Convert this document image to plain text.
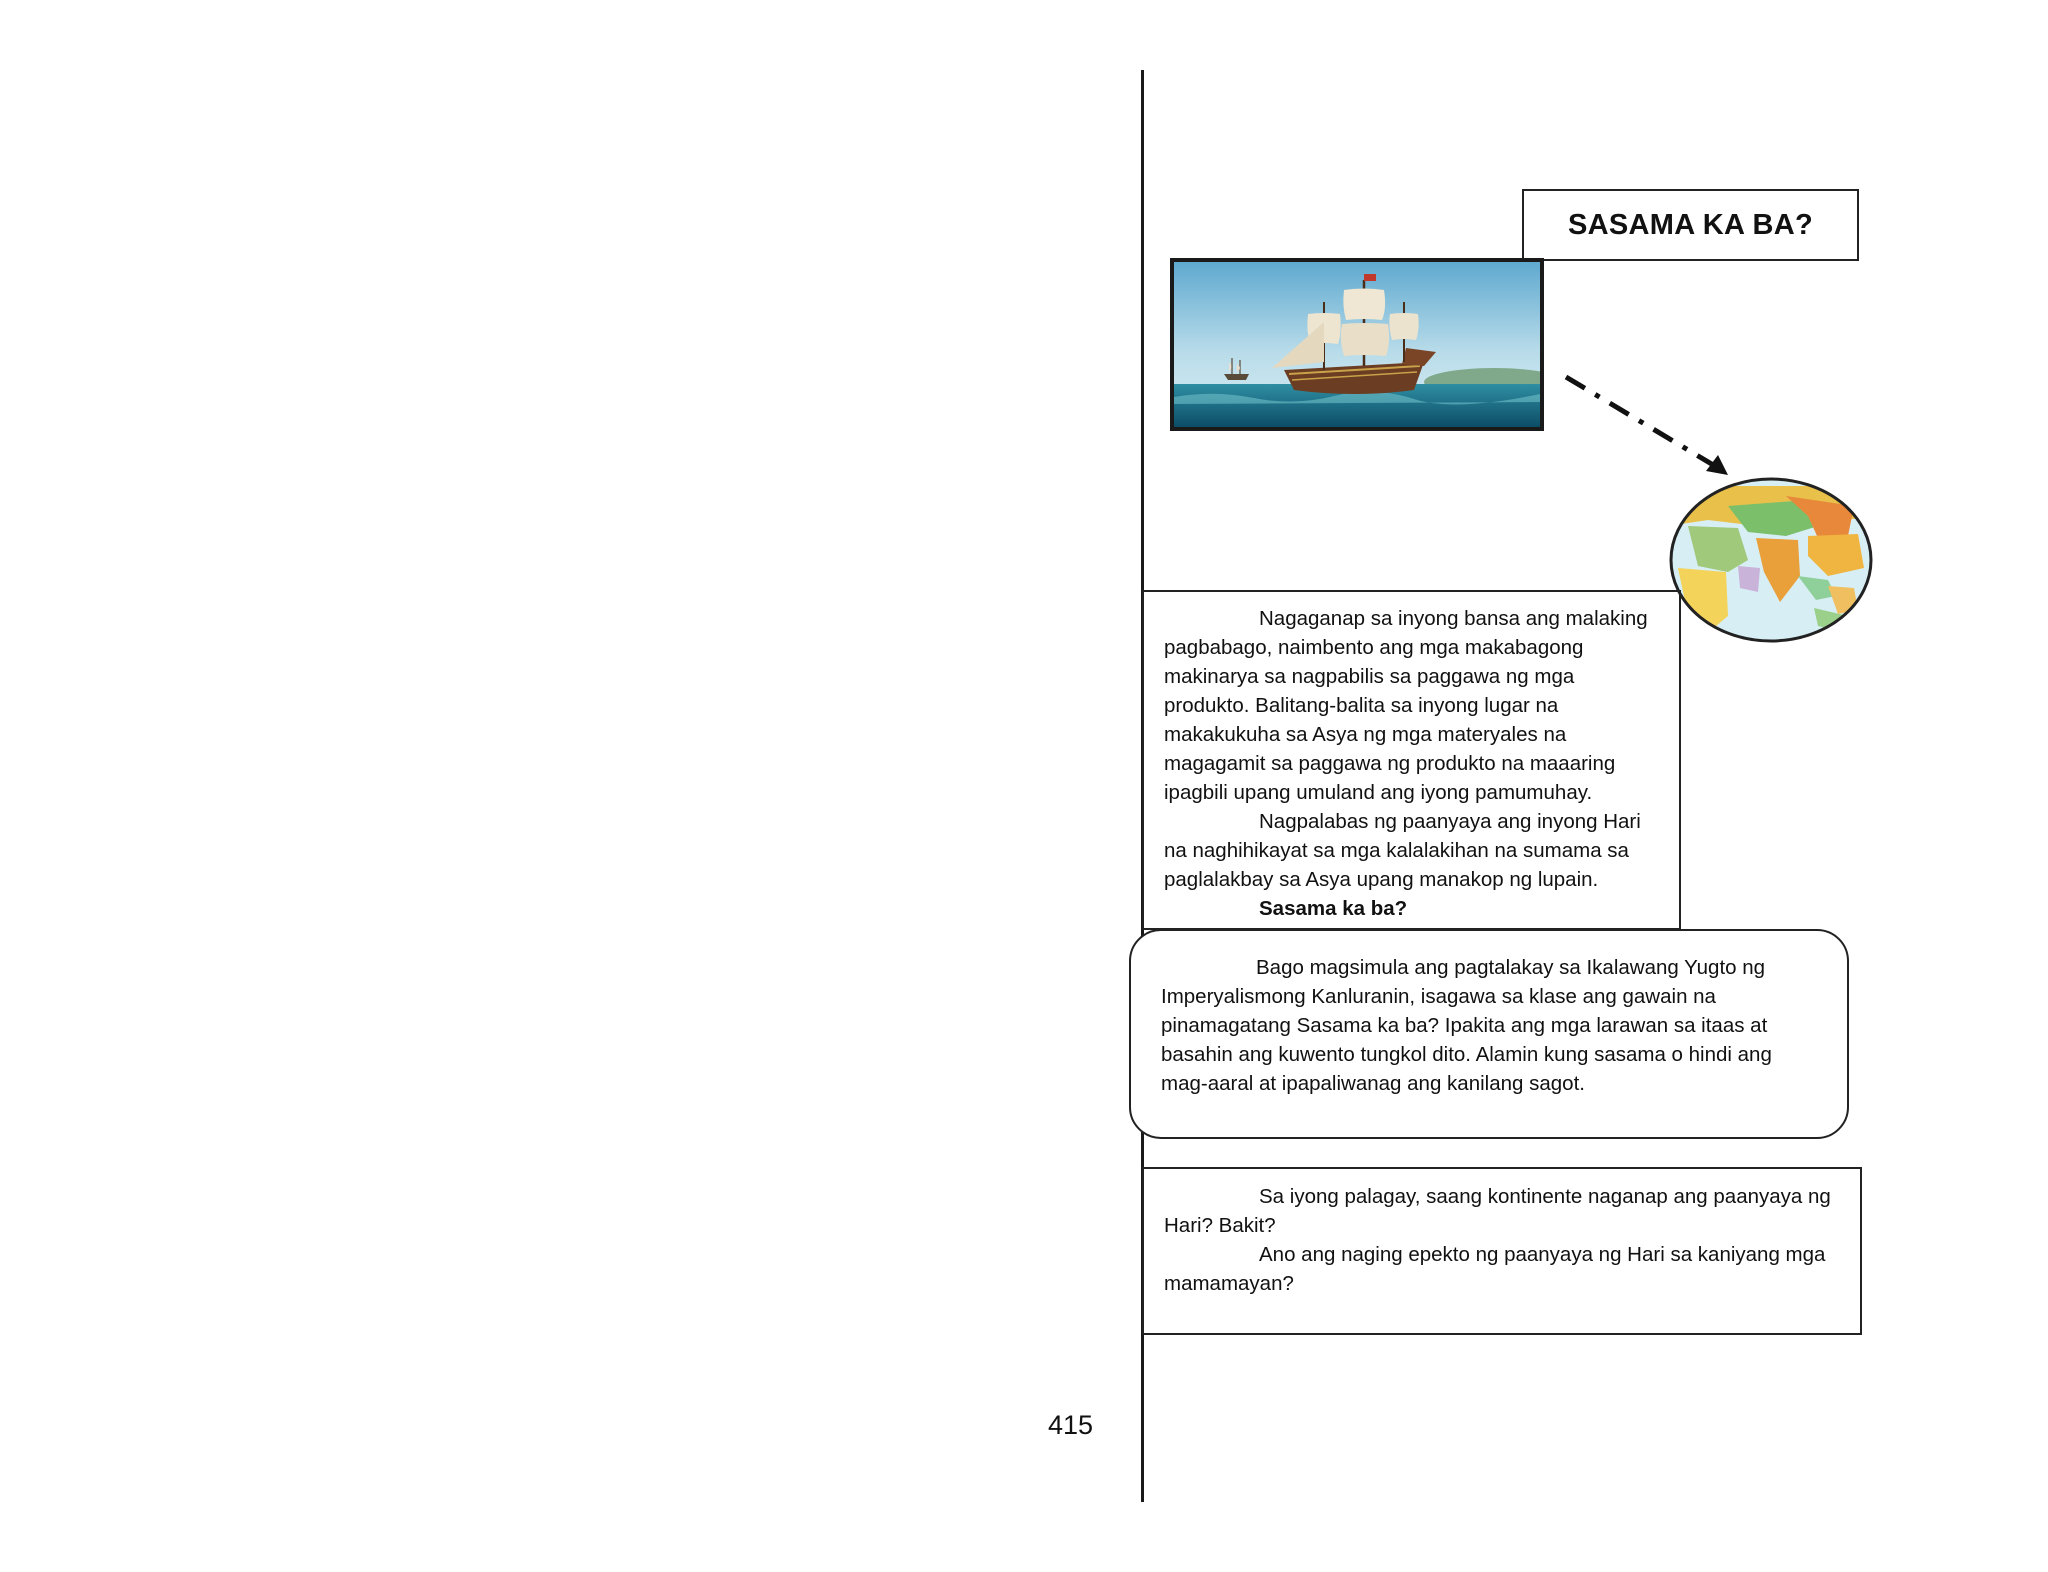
415
SASAMA KA BA?

Nagaganap sa inyong bansa ang malaking pagbabago, naimbento ang mga makabagong makinarya sa nagpabilis sa paggawa ng mga produkto. Balitang-balita sa inyong lugar na makakukuha sa Asya ng mga materyales na magagamit sa paggawa ng produkto na maaaring ipagbili upang umuland ang iyong pamumuhay.

Nagpalabas ng paanyaya ang inyong Hari na naghihikayat sa mga kalalakihan na sumama sa paglalakbay sa Asya upang manakop ng lupain.

Sasama ka ba?

Bago magsimula ang pagtalakay sa Ikalawang Yugto ng Imperyalismong Kanluranin, isagawa sa klase ang gawain na pinamagatang Sasama ka ba? Ipakita ang mga larawan sa itaas at basahin ang kuwento tungkol dito. Alamin kung sasama o hindi ang mag-aaral at ipapaliwanag ang kanilang sagot.

Sa iyong palagay, saang kontinente naganap ang paanyaya ng Hari? Bakit?

Ano ang naging epekto ng paanyaya ng Hari sa kaniyang mga mamamayan?
